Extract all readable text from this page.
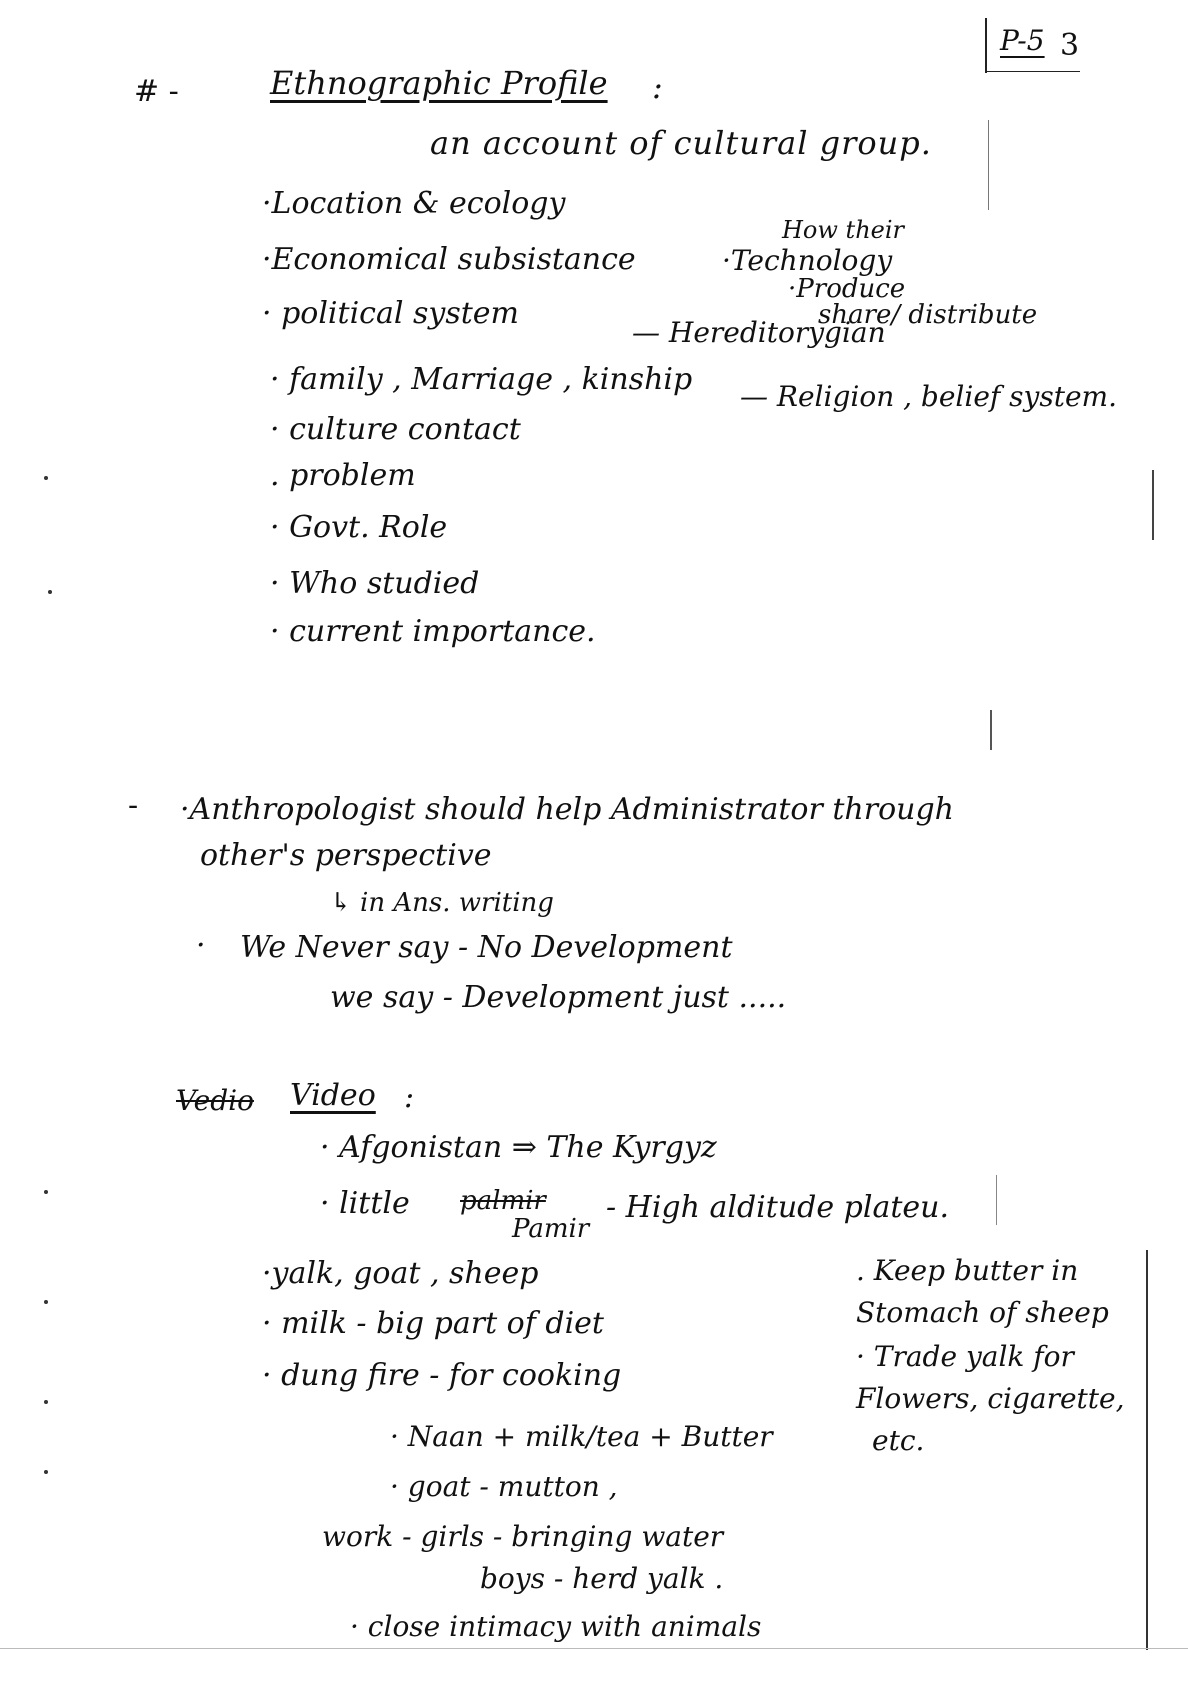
P-5 3
# -	Ethnographic Profile :
an account of cultural group.
·Location & ecology
·Economical subsistance
· political system
· family , Marriage , kinship
· culture contact
. problem
· Govt. Role
· Who studied
· current importance.
How their
·Technology
·Produce
share/ distribute
— Hereditorygian
— Religion , belief system.
- ·Anthropologist should help Administrator through
other's perspective
↳ in Ans. writing
· We Never say - No Development
we say - Development just .....
Vedio Video :
· Afgonistan ⇒ The Kyrgyz
· little palmir
Pamir
- High alditude plateu.
·yalk, goat , sheep
· milk - big part of diet
· dung fire - for cooking
· Naan + milk/tea + Butter
· goat - mutton ,
work - girls - bringing water
boys - herd yalk .
· close intimacy with animals
. Keep butter in
Stomach of sheep
· Trade yalk for
Flowers, cigarette,
etc.
